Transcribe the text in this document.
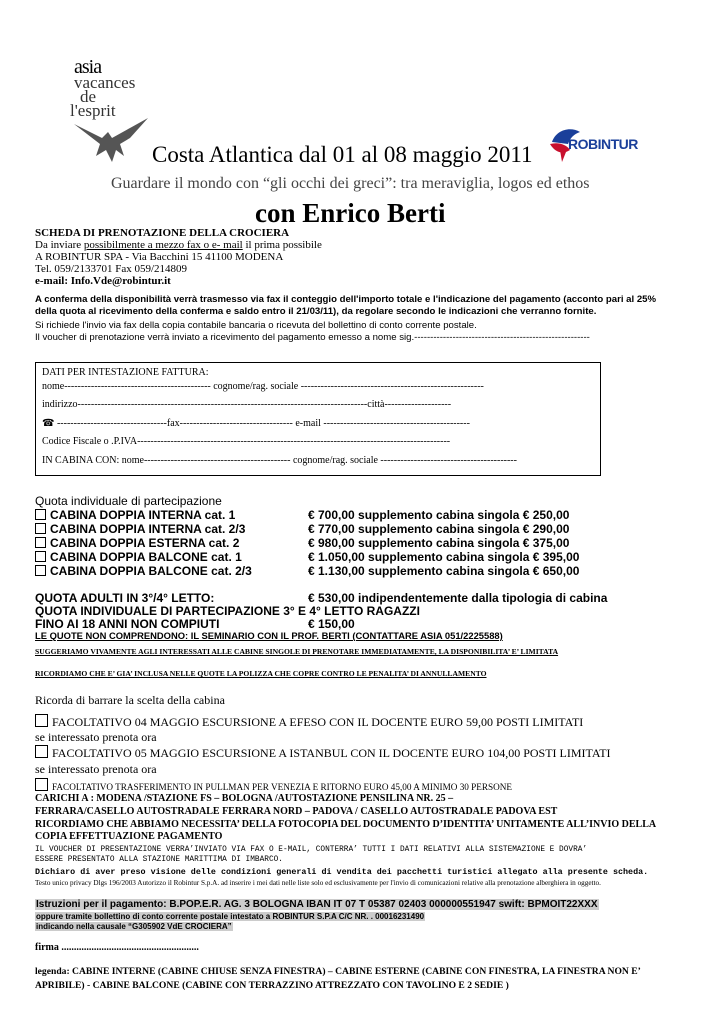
asia
vacances
de
l'esprit
ROBINTUR
Costa Atlantica dal 01 al 08 maggio 2011
Guardare il mondo con “gli occhi dei greci”: tra meraviglia, logos ed ethos
con Enrico Berti
SCHEDA DI PRENOTAZIONE DELLA CROCIERA
Da inviare possibilmente a mezzo fax o e- mail il prima possibile
A ROBINTUR SPA - Via Bacchini 15 41100 MODENA
Tel. 059/2133701 Fax 059/214809
e-mail: Info.Vde@robintur.it
A conferma della disponibilità verrà trasmesso via fax il conteggio dell'importo totale e l'indicazione del pagamento (acconto pari al 25%
della quota al ricevimento della conferma e saldo entro il 21/03/11), da regolare secondo le indicazioni che verranno fornite.
Si richiede l'invio via fax della copia contabile bancaria o ricevuta del bollettino di conto corrente postale.
Il voucher di prenotazione verrà inviato a ricevimento del pagamento emesso a nome sig.-------------------------------------------------------
DATI PER INTESTAZIONE FATTURA:
nome-------------------------------------------- cognome/rag. sociale -------------------------------------------------------
indirizzo---------------------------------------------------------------------------------------città--------------------
☎ ---------------------------------fax---------------------------------- e-mail --------------------------------------------
Codice Fiscale o .P.IVA----------------------------------------------------------------------------------------------
IN CABINA CON: nome-------------------------------------------- cognome/rag. sociale -----------------------------------------
Quota individuale di partecipazione
CABINA DOPPIA INTERNA cat. 1	€ 700,00 supplemento cabina singola € 250,00
CABINA DOPPIA INTERNA cat. 2/3	€ 770,00 supplemento cabina singola € 290,00
CABINA DOPPIA ESTERNA cat. 2	€ 980,00 supplemento cabina singola € 375,00
CABINA DOPPIA BALCONE cat. 1	€ 1.050,00 supplemento cabina singola € 395,00
CABINA DOPPIA BALCONE cat. 2/3	€ 1.130,00 supplemento cabina singola € 650,00
QUOTA ADULTI IN 3°/4° LETTO:	€ 530,00 indipendentemente dalla tipologia di cabina
QUOTA INDIVIDUALE DI PARTECIPAZIONE 3° E 4° LETTO RAGAZZI
FINO AI 18 ANNI NON COMPIUTI	€ 150,00
LE QUOTE NON COMPRENDONO: IL SEMINARIO CON IL PROF. BERTI (CONTATTARE ASIA 051/2225588)
SUGGERIAMO VIVAMENTE AGLI INTERESSATI ALLE CABINE SINGOLE DI PRENOTARE IMMEDIATAMENTE, LA DISPONIBILITA’ E’ LIMITATA
RICORDIAMO CHE E’ GIA’ INCLUSA NELLE QUOTE LA POLIZZA CHE COPRE CONTRO LE PENALITA’ DI ANNULLAMENTO
Ricorda di barrare la scelta della cabina
FACOLTATIVO 04 MAGGIO ESCURSIONE A EFESO CON IL DOCENTE EURO 59,00 POSTI LIMITATI
se interessato prenota ora
FACOLTATIVO 05 MAGGIO ESCURSIONE A ISTANBUL CON IL DOCENTE EURO 104,00 POSTI LIMITATI
se interessato prenota ora
FACOLTATIVO TRASFERIMENTO IN PULLMAN PER VENEZIA E RITORNO EURO 45,00 A MINIMO 30 PERSONE
CARICHI A : MODENA /STAZIONE FS – BOLOGNA /AUTOSTAZIONE PENSILINA NR. 25 –
FERRARA/CASELLO AUTOSTRADALE FERRARA NORD – PADOVA / CASELLO AUTOSTRADALE PADOVA EST
RICORDIAMO CHE ABBIAMO NECESSITA’ DELLA FOTOCOPIA DEL DOCUMENTO D’IDENTITA’ UNITAMENTE ALL’INVIO DELLA
COPIA EFFETTUAZIONE PAGAMENTO
IL VOUCHER DI PRESENTAZIONE VERRA’INVIATO VIA FAX O E-MAIL, CONTERRA’ TUTTI I DATI RELATIVI ALLA SISTEMAZIONE E DOVRA’
ESSERE PRESENTATO ALLA STAZIONE MARITTIMA DI IMBARCO.
Dichiaro di aver preso visione delle condizioni generali di vendita dei pacchetti turistici allegato alla presente scheda.
Testo unico privacy Dlgs 196/2003 Autorizzo il Robintur S.p.A. ad inserire i mei dati nelle liste solo ed esclusivamente per l'invio di comunicazioni relative alla prenotazione alberghiera in oggetto.
Istruzioni per il pagamento: B.POP.E.R. AG. 3 BOLOGNA IBAN IT 07 T 05387 02403 000000551947 swift: BPMOIT22XXX
oppure tramite bollettino di conto corrente postale intestato a ROBINTUR S.P.A C/C NR. . 00016231490
indicando nella causale “G305902 VdE CROCIERA”
firma .......................................................
legenda: CABINE INTERNE (CABINE CHIUSE SENZA FINESTRA) – CABINE ESTERNE (CABINE CON FINESTRA, LA FINESTRA NON E’
APRIBILE) - CABINE BALCONE (CABINE CON TERRAZZINO ATTREZZATO CON TAVOLINO E 2 SEDIE )
